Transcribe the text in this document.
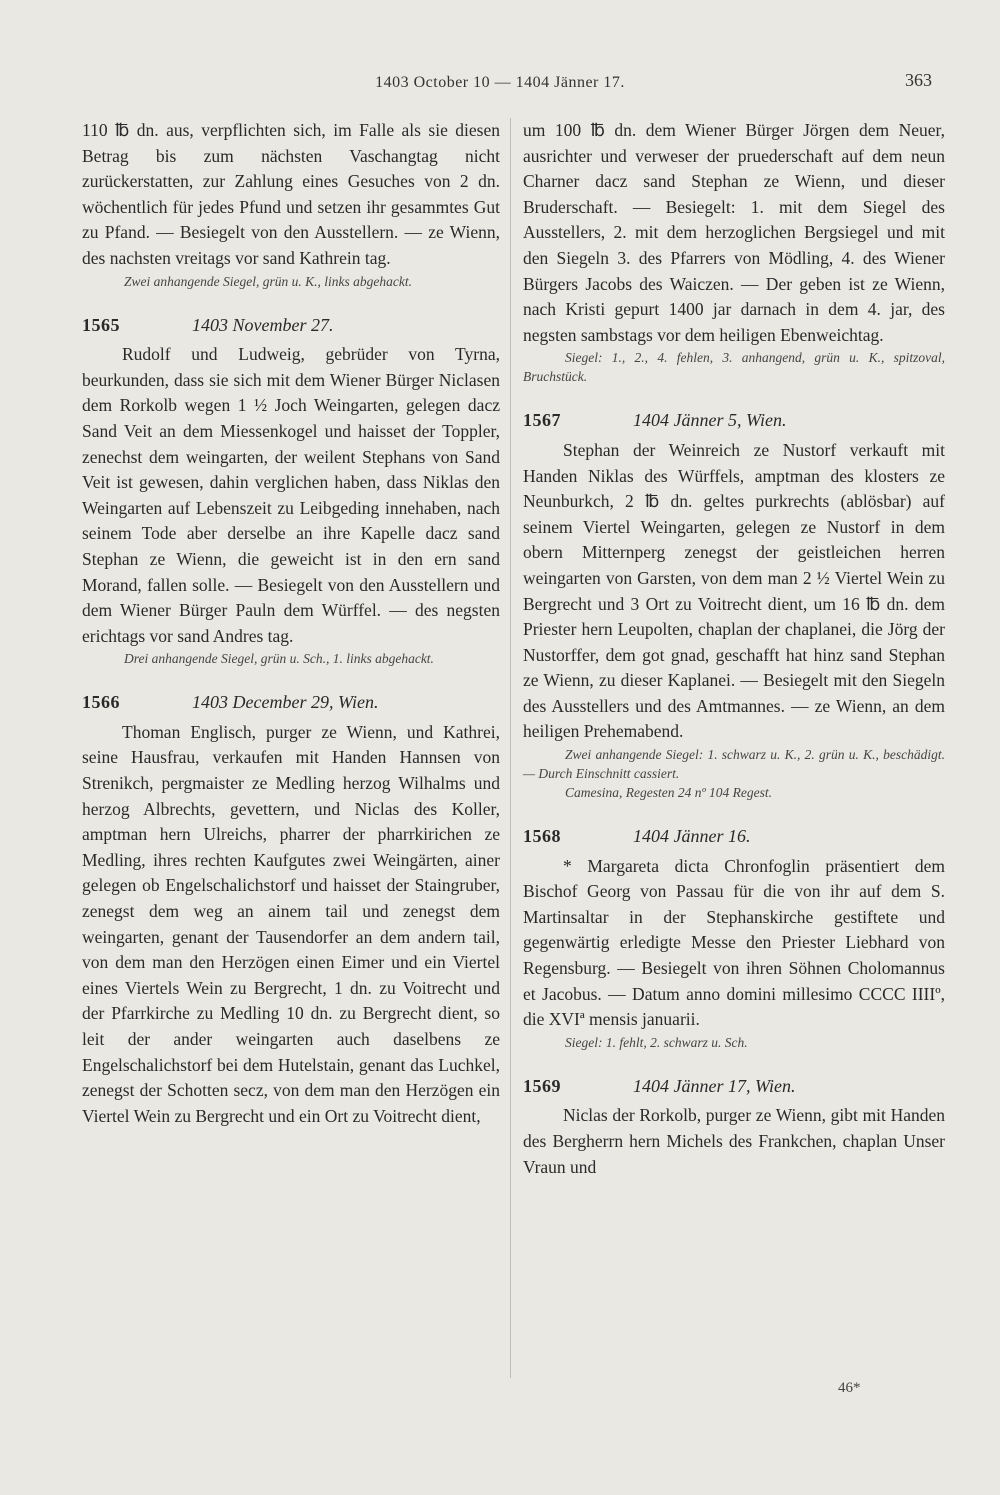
1403 October 10 — 1404 Jänner 17.	363

110 ℔ dn. aus, verpflichten sich, im Falle als sie diesen Betrag bis zum nächsten Vaschangtag nicht zurückerstatten, zur Zahlung eines Gesuches von 2 dn. wöchentlich für jedes Pfund und setzen ihr gesammtes Gut zu Pfand. — Besiegelt von den Ausstellern. — ze Wienn, des nachsten vreitags vor sand Kathrein tag.

Zwei anhangende Siegel, grün u. K., links abgehackt.

1565	1403 November 27.

Rudolf und Ludweig, gebrüder von Tyrna, beurkunden, dass sie sich mit dem Wiener Bürger Niclasen dem Rorkolb wegen 1 ½ Joch Weingarten, gelegen dacz Sand Veit an dem Miessenkogel und haisset der Toppler, zenechst dem weingarten, der weilent Stephans von Sand Veit ist gewesen, dahin verglichen haben, dass Niklas den Weingarten auf Lebenszeit zu Leibgeding innehaben, nach seinem Tode aber derselbe an ihre Kapelle dacz sand Stephan ze Wienn, die geweicht ist in den ern sand Morand, fallen solle. — Besiegelt von den Ausstellern und dem Wiener Bürger Pauln dem Würffel. — des negsten erichtags vor sand Andres tag.

Drei anhangende Siegel, grün u. Sch., 1. links abgehackt.

1566	1403 December 29, Wien.

Thoman Englisch, purger ze Wienn, und Kathrei, seine Hausfrau, verkaufen mit Handen Hannsen von Strenikch, pergmaister ze Medling herzog Wilhalms und herzog Albrechts, gevettern, und Niclas des Koller, amptman hern Ulreichs, pharrer der pharrkirichen ze Medling, ihres rechten Kaufgutes zwei Weingärten, ainer gelegen ob Engelschalichstorf und haisset der Staingruber, zenegst dem weg an ainem tail und zenegst dem weingarten, genant der Tausendorfer an dem andern tail, von dem man den Herzögen einen Eimer und ein Viertel eines Viertels Wein zu Bergrecht, 1 dn. zu Voitrecht und der Pfarrkirche zu Medling 10 dn. zu Bergrecht dient, so leit der ander weingarten auch daselbens ze Engelschalichstorf bei dem Hutelstain, genant das Luchkel, zenegst der Schotten secz, von dem man den Herzögen ein Viertel Wein zu Bergrecht und ein Ort zu Voitrecht dient,

um 100 ℔ dn. dem Wiener Bürger Jörgen dem Neuer, ausrichter und verweser der pruederschaft auf dem neun Charner dacz sand Stephan ze Wienn, und dieser Bruderschaft. — Besiegelt: 1. mit dem Siegel des Ausstellers, 2. mit dem herzoglichen Bergsiegel und mit den Siegeln 3. des Pfarrers von Mödling, 4. des Wiener Bürgers Jacobs des Waiczen. — Der geben ist ze Wienn, nach Kristi gepurt 1400 jar darnach in dem 4. jar, des negsten sambstags vor dem heiligen Ebenweichtag.

Siegel: 1., 2., 4. fehlen, 3. anhangend, grün u. K., spitzoval, Bruchstück.

1567	1404 Jänner 5, Wien.

Stephan der Weinreich ze Nustorf verkauft mit Handen Niklas des Würffels, amptman des klosters ze Neunburkch, 2 ℔ dn. geltes purkrechts (ablösbar) auf seinem Viertel Weingarten, gelegen ze Nustorf in dem obern Mitternperg zenegst der geistleichen herren weingarten von Garsten, von dem man 2 ½ Viertel Wein zu Bergrecht und 3 Ort zu Voitrecht dient, um 16 ℔ dn. dem Priester hern Leupolten, chaplan der chaplanei, die Jörg der Nustorffer, dem got gnad, geschafft hat hinz sand Stephan ze Wienn, zu dieser Kaplanei. — Besiegelt mit den Siegeln des Ausstellers und des Amtmannes. — ze Wienn, an dem heiligen Prehemabend.

Zwei anhangende Siegel: 1. schwarz u. K., 2. grün u. K., beschädigt. — Durch Einschnitt cassiert.

Camesina, Regesten 24 nº 104 Regest.

1568	1404 Jänner 16.

* Margareta dicta Chronfoglin präsentiert dem Bischof Georg von Passau für die von ihr auf dem S. Martinsaltar in der Stephanskirche gestiftete und gegenwärtig erledigte Messe den Priester Liebhard von Regensburg. — Besiegelt von ihren Söhnen Cholomannus et Jacobus. — Datum anno domini millesimo CCCC IIIIº, die XVIª mensis januarii.

Siegel: 1. fehlt, 2. schwarz u. Sch.

1569	1404 Jänner 17, Wien.

Niclas der Rorkolb, purger ze Wienn, gibt mit Handen des Bergherrn hern Michels des Frankchen, chaplan Unser Vraun und

46*
